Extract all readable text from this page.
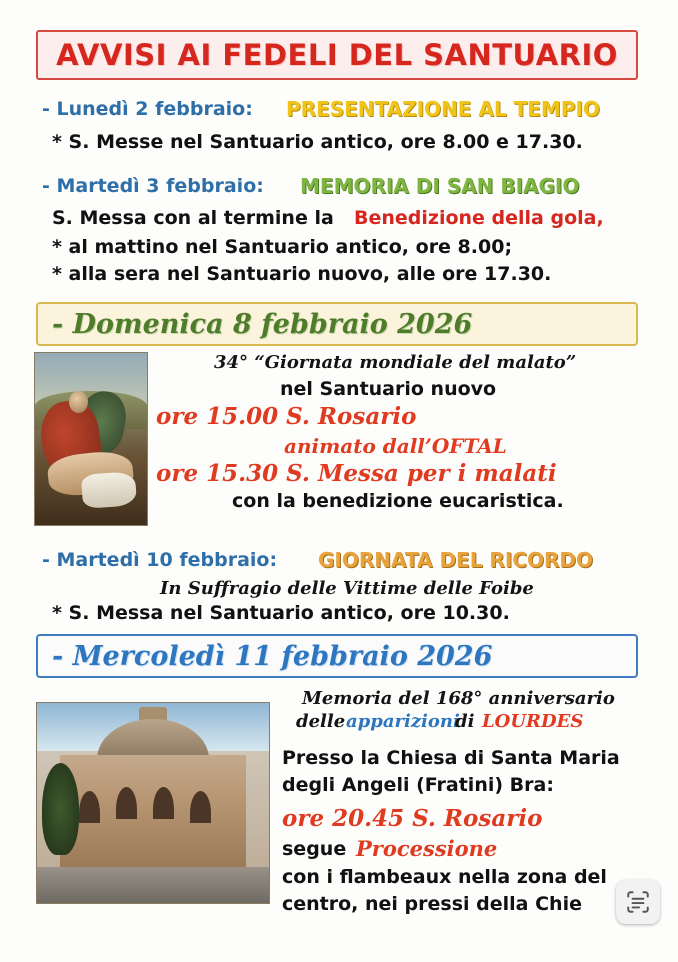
AVVISI AI FEDELI DEL SANTUARIO
- Lunedì 2 febbraio: PRESENTAZIONE AL TEMPIO
* S. Messe nel Santuario antico, ore 8.00 e 17.30.
- Martedì 3 febbraio: MEMORIA DI SAN BIAGIO
S. Messa con al termine la Benedizione della gola,
* al mattino nel Santuario antico, ore 8.00;
* alla sera nel Santuario nuovo, alle ore 17.30.
- Domenica 8 febbraio 2026
34° “Giornata mondiale del malato”
nel Santuario nuovo
ore 15.00 S. Rosario
animato dall’OFTAL
ore 15.30 S. Messa per i malati
con la benedizione eucaristica.
- Martedì 10 febbraio: GIORNATA DEL RICORDO
In Suffragio delle Vittime delle Foibe
* S. Messa nel Santuario antico, ore 10.30.
- Mercoledì 11 febbraio 2026
Memoria del 168° anniversario
delle apparizioni
di LOURDES
Presso la Chiesa di Santa Maria
degli Angeli (Fratini) Bra:
ore 20.45 S. Rosario
segue Processione
con i flambeaux nella zona del
centro, nei pressi della Chie
